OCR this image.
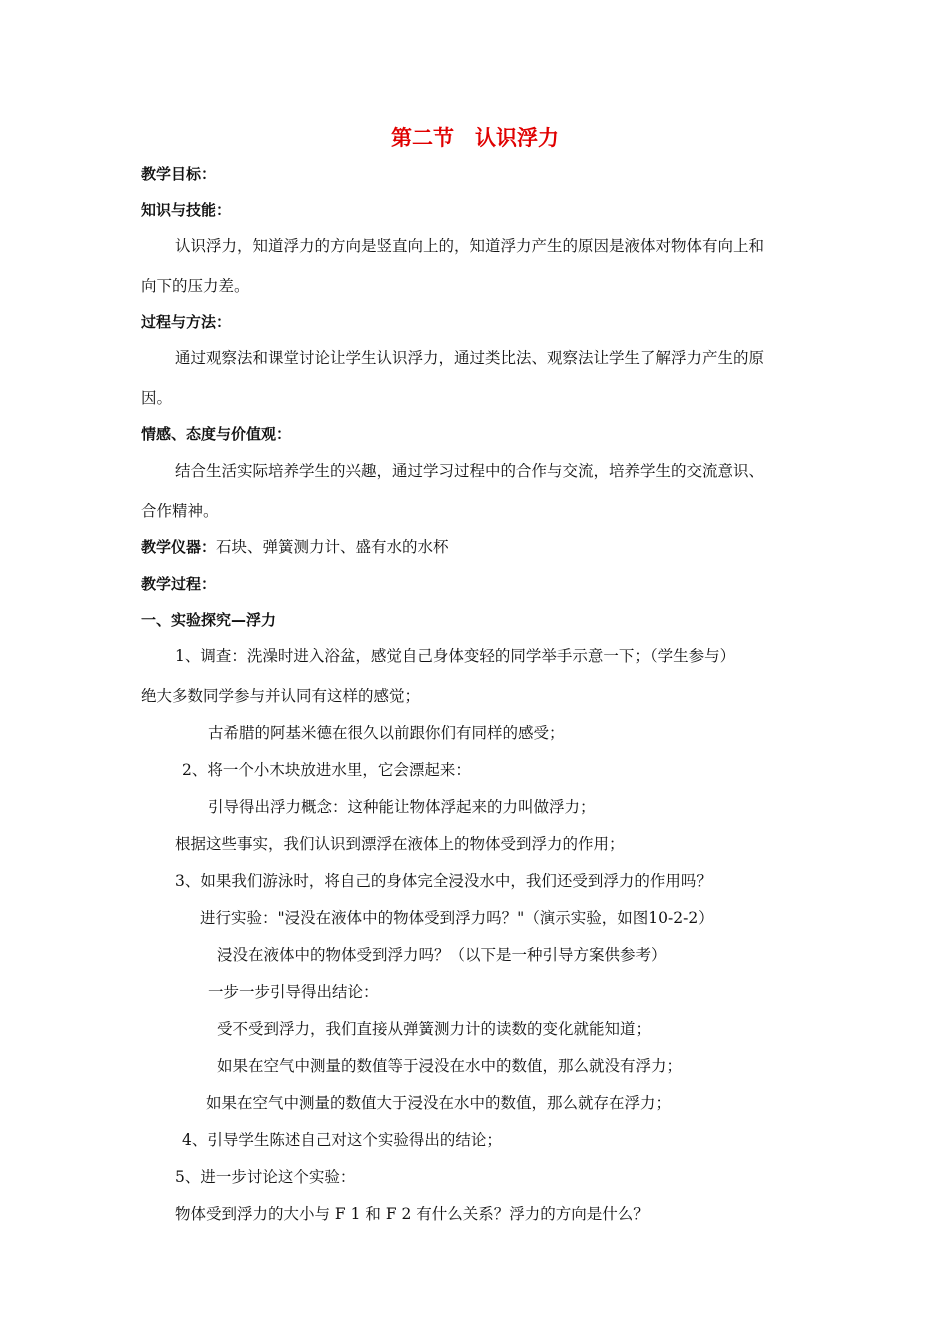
第二节　认识浮力
教学目标：
知识与技能：
认识浮力，知道浮力的方向是竖直向上的，知道浮力产生的原因是液体对物体有向上和
向下的压力差。
过程与方法：
通过观察法和课堂讨论让学生认识浮力，通过类比法、观察法让学生了解浮力产生的原
因。
情感、态度与价值观：
结合生活实际培养学生的兴趣，通过学习过程中的合作与交流，培养学生的交流意识、
合作精神。
教学仪器：石块、弹簧测力计、盛有水的水杯
教学过程：
一、实验探究—浮力
1、调查：洗澡时进入浴盆，感觉自己身体变轻的同学举手示意一下；（学生参与）
绝大多数同学参与并认同有这样的感觉；
古希腊的阿基米德在很久以前跟你们有同样的感受；
2、将一个小木块放进水里，它会漂起来：
引导得出浮力概念：这种能让物体浮起来的力叫做浮力；
根据这些事实，我们认识到漂浮在液体上的物体受到浮力的作用；
3、如果我们游泳时，将自己的身体完全浸没水中，我们还受到浮力的作用吗？
进行实验："浸没在液体中的物体受到浮力吗？"（演示实验，如图10-2-2）
浸没在液体中的物体受到浮力吗？（以下是一种引导方案供参考）
一步一步引导得出结论：
受不受到浮力，我们直接从弹簧测力计的读数的变化就能知道；
如果在空气中测量的数值等于浸没在水中的数值，那么就没有浮力；
如果在空气中测量的数值大于浸没在水中的数值，那么就存在浮力；
4、引导学生陈述自己对这个实验得出的结论；
5、进一步讨论这个实验：
物体受到浮力的大小与 F 1 和 F 2 有什么关系？浮力的方向是什么？
